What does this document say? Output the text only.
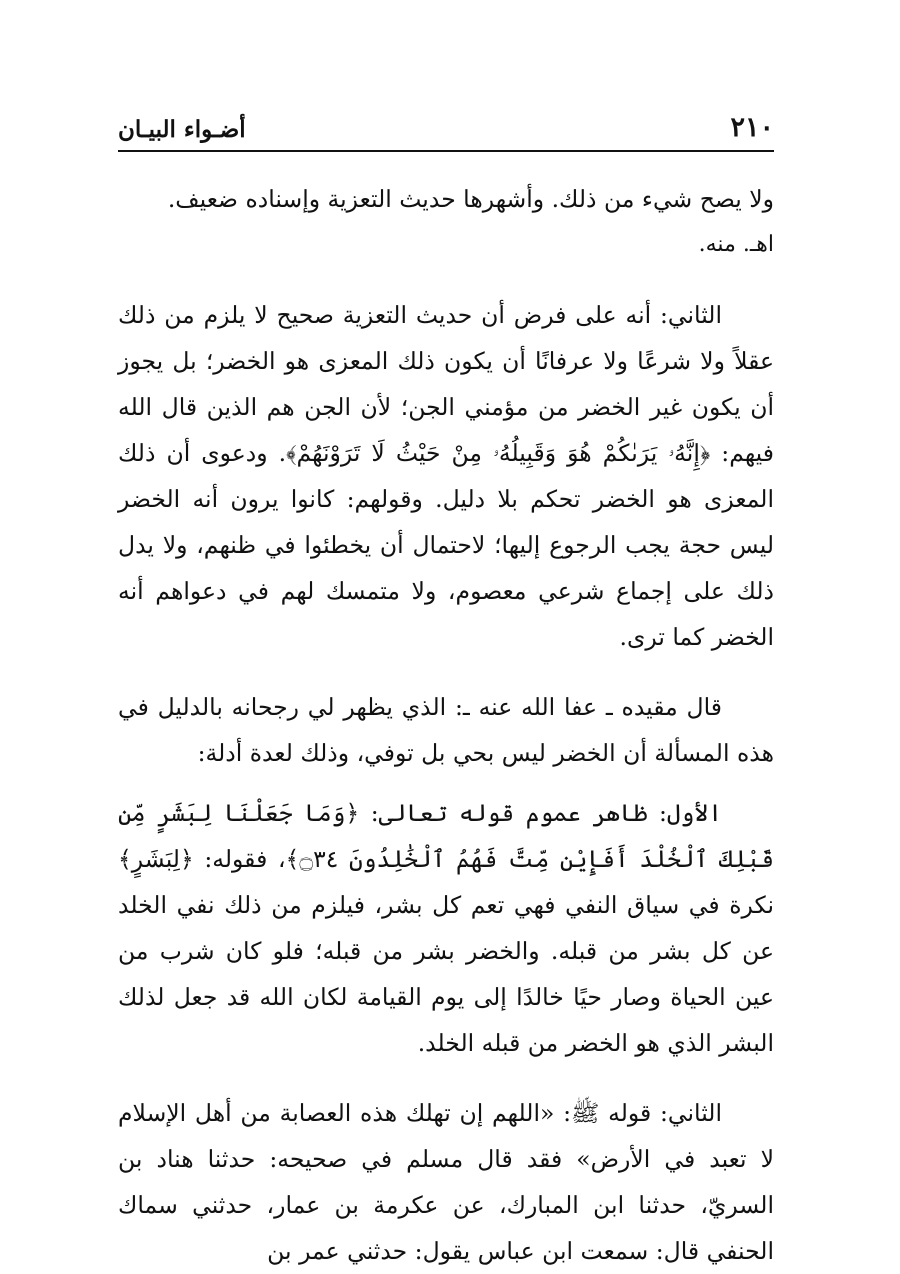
٢١٠
أضـواء البيـان

ولا يصح شيء من ذلك. وأشهرها حديث التعزية وإسناده ضعيف.

اهـ. منه.

الثاني: أنه على فرض أن حديث التعزية صحيح لا يلزم من ذلك عقلاً ولا شرعًا ولا عرفانًا أن يكون ذلك المعزى هو الخضر؛ بل يجوز أن يكون غير الخضر من مؤمني الجن؛ لأن الجن هم الذين قال الله فيهم: ﴿إِنَّهُۥ يَرَىٰكُمْ هُوَ وَقَبِيلُهُۥ مِنْ حَيْثُ لَا تَرَوْنَهُمْ﴾. ودعوى أن ذلك المعزى هو الخضر تحكم بلا دليل. وقولهم: كانوا يرون أنه الخضر ليس حجة يجب الرجوع إليها؛ لاحتمال أن يخطئوا في ظنهم، ولا يدل ذلك على إجماع شرعي معصوم، ولا متمسك لهم في دعواهم أنه الخضر كما ترى.

قال مقيده ـ عفا الله عنه ـ: الذي يظهر لي رجحانه بالدليل في هذه المسألة أن الخضر ليس بحي بل توفي، وذلك لعدة أدلة:

الأول: ظاهر عموم قوله تعالى: ﴿وَمَا جَعَلْنَا لِبَشَرٍ مِّن قَبْلِكَ ٱلْخُلْدَ أَفَإِيْن مِّتَّ فَهُمُ ٱلْخَٰلِدُونَ ۝٣٤﴾، فقوله: ﴿لِبَشَرٍ﴾ نكرة في سياق النفي فهي تعم كل بشر، فيلزم من ذلك نفي الخلد عن كل بشر من قبله. والخضر بشر من قبله؛ فلو كان شرب من عين الحياة وصار حيًا خالدًا إلى يوم القيامة لكان الله قد جعل لذلك البشر الذي هو الخضر من قبله الخلد.

الثاني: قوله ﷺ: «اللهم إن تهلك هذه العصابة من أهل الإسلام لا تعبد في الأرض» فقد قال مسلم في صحيحه: حدثنا هناد بن السريّ، حدثنا ابن المبارك، عن عكرمة بن عمار، حدثني سماك الحنفي قال: سمعت ابن عباس يقول: حدثني عمر بن
